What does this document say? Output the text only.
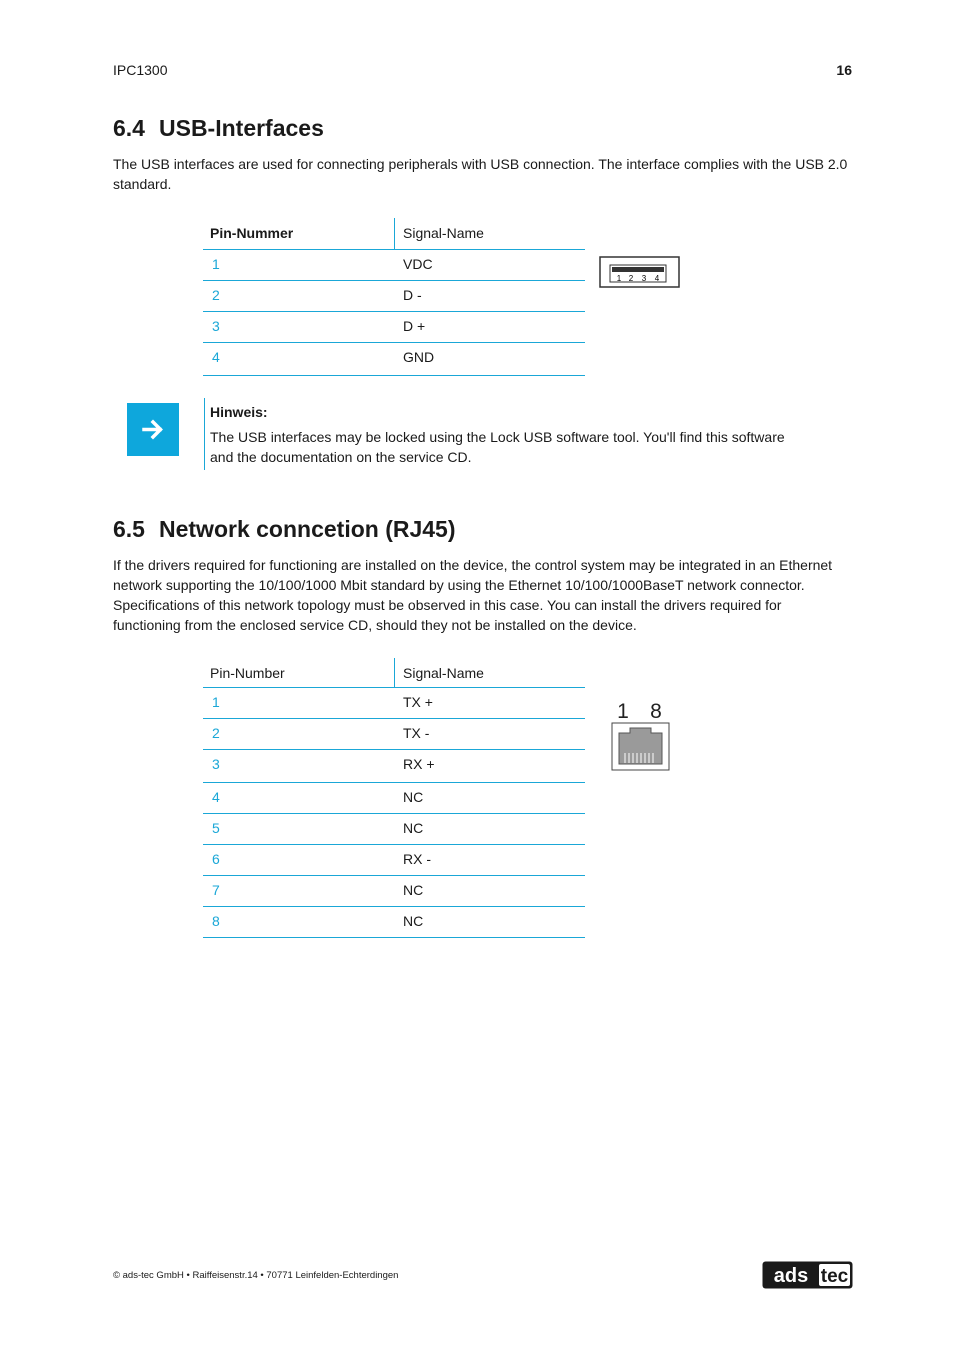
IPC1300	16
6.4 USB-Interfaces
The USB interfaces are used for connecting peripherals with USB connection. The interface complies with the USB 2.0 standard.
Pin-Nummer	Signal-Name
1	VDC
2	D -
3	D +
4	GND
1 2 3 4
Hinweis:
The USB interfaces may be locked using the Lock USB software tool. You'll find this software and the documentation on the service CD.
6.5 Network conncetion (RJ45)
If the drivers required for functioning are installed on the device, the control system may be integrated in an Ethernet network supporting the 10/100/1000 Mbit standard by using the Ethernet 10/100/1000BaseT network connector. Specifications of this network topology must be observed in this case. You can install the drivers required for functioning from the enclosed service CD, should they not be installed on the device.
Pin-Number	Signal-Name
1	TX +
2	TX -
3	RX +
4	NC
5	NC
6	RX -
7	NC
8	NC
1 8
© ads-tec GmbH • Raiffeisenstr.14 • 70771 Leinfelden-Echterdingen	ads tec
